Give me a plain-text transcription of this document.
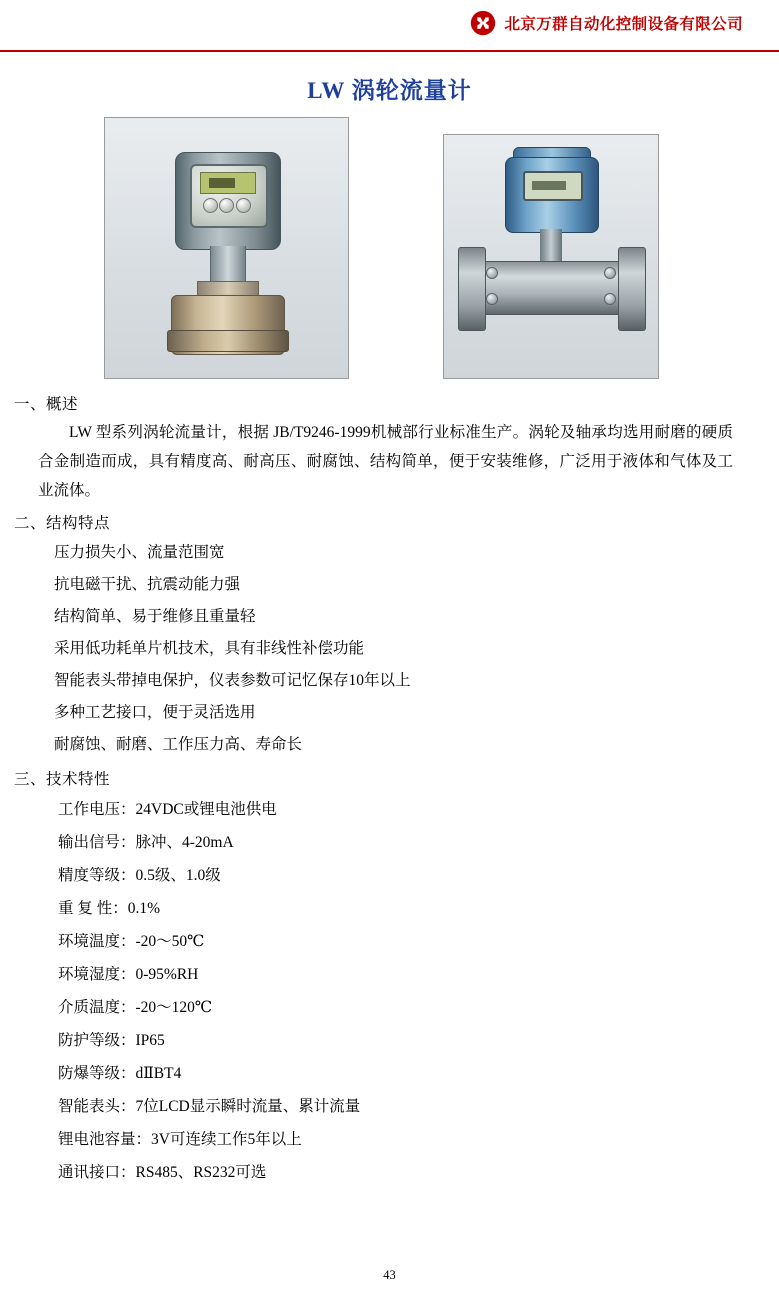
北京万群自动化控制设备有限公司
LW 涡轮流量计
一、概述
LW 型系列涡轮流量计，根据 JB/T9246-1999机械部行业标准生产。涡轮及轴承均选用耐磨的硬质合金制造而成，具有精度高、耐高压、耐腐蚀、结构简单，便于安装维修，广泛用于液体和气体及工业流体。
二、结构特点
压力损失小、流量范围宽
抗电磁干扰、抗震动能力强
结构简单、易于维修且重量轻
采用低功耗单片机技术，具有非线性补偿功能
智能表头带掉电保护，仪表参数可记忆保存10年以上
多种工艺接口，便于灵活选用
耐腐蚀、耐磨、工作压力高、寿命长
三、技术特性
工作电压：24VDC或锂电池供电
输出信号：脉冲、4-20mA
精度等级：0.5级、1.0级
重 复 性：0.1%
环境温度：-20～50℃
环境湿度：0-95%RH
介质温度：-20～120℃
防护等级：IP65
防爆等级：dⅡBT4
智能表头：7位LCD显示瞬时流量、累计流量
锂电池容量：3V可连续工作5年以上
通讯接口：RS485、RS232可选
43
